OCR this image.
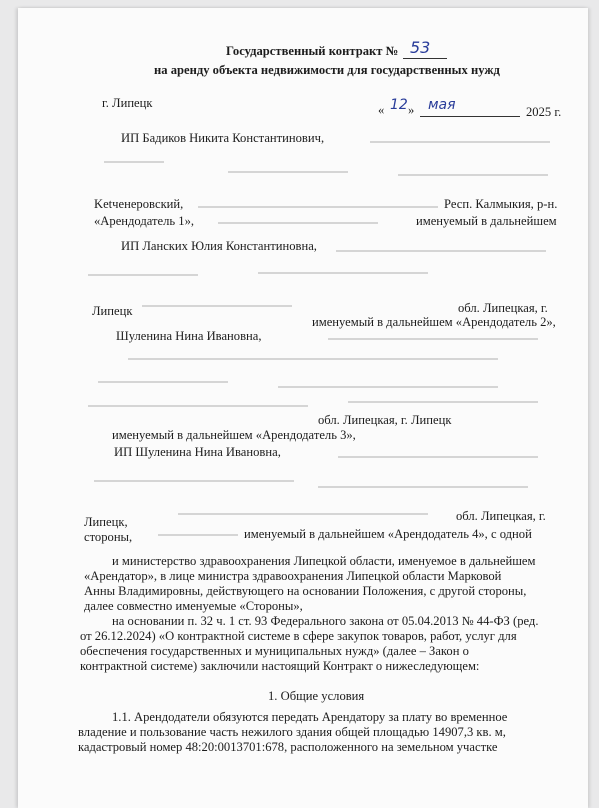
Государственный контракт № 53
на аренду объекта недвижимости для государственных нужд
г. Липецк	« 12 » мая	2025 г.
ИП Бадиков Никита Константинович,
Ketчeнepoвcкий,	Респ. Калмыкия, р-н.
«Арендодатель 1»,	именуемый в дальнейшем
ИП Ланских Юлия Константиновна,
Липецк	обл. Липецкая, г.
именуемый в дальнейшем «Арендодатель 2»,
Шуленина Нина Ивановна,
обл. Липецкая, г. Липецк
именуемый в дальнейшем «Арендодатель 3»,
ИП Шуленина Нина Ивановна,
Липецк,	обл. Липецкая, г.
стороны,	именуемый в дальнейшем «Арендодатель 4», с одной
и министерство здравоохранения Липецкой области, именуемое в дальнейшем
«Арендатор», в лице министра здравоохранения Липецкой области Марковой
Анны Владимировны, действующего на основании Положения, с другой стороны,
далее совместно именуемые «Стороны»,
на основании п. 32 ч. 1 ст. 93 Федерального закона от 05.04.2013 № 44-ФЗ (ред.
от 26.12.2024) «О контрактной системе в сфере закупок товаров, работ, услуг для
обеспечения государственных и муниципальных нужд» (далее – Закон о
контрактной системе) заключили настоящий Контракт о нижеследующем:
1. Общие условия
1.1. Арендодатели обязуются передать Арендатору за плату во временное
владение и пользование часть нежилого здания общей площадью 14907,3 кв. м,
кадастровый номер 48:20:0013701:678, расположенного на земельном участке
